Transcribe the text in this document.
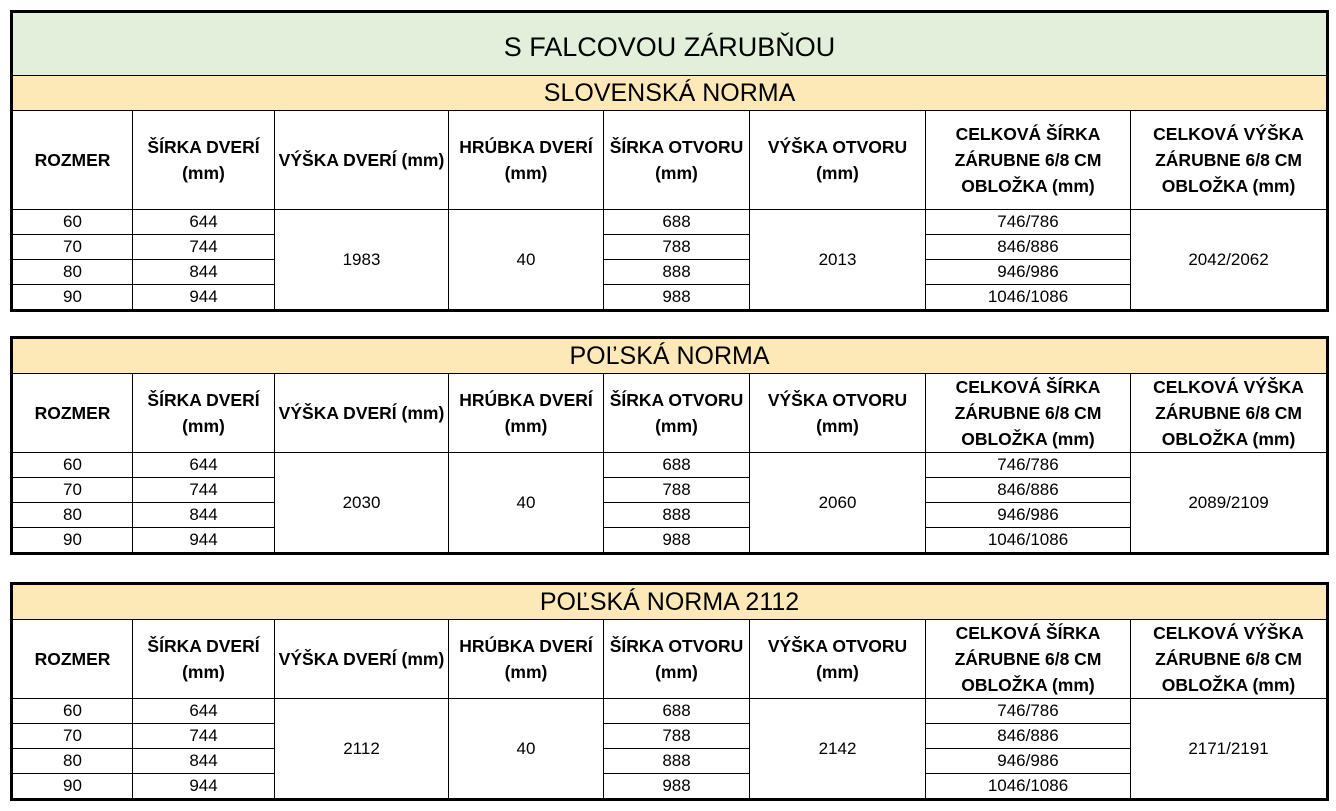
S FALCOVOU ZÁRUBŇOU							
SLOVENSKÁ NORMA							
ROZMER	ŠÍRKA DVERÍ (mm)	VÝŠKA DVERÍ (mm)	HRÚBKA DVERÍ (mm)	ŠÍRKA OTVORU (mm)	VÝŠKA OTVORU (mm)	CELKOVÁ ŠÍRKA ZÁRUBNE 6/8 CM OBLOŽKA (mm)	CELKOVÁ VÝŠKA ZÁRUBNE 6/8 CM OBLOŽKA (mm)
60	644	1983	40	688	2013	746/786	2042/2062
70	744			788		846/886	
80	844			888		946/986	
90	944			988		1046/1086	
POĽSKÁ NORMA							
ROZMER	ŠÍRKA DVERÍ (mm)	VÝŠKA DVERÍ (mm)	HRÚBKA DVERÍ (mm)	ŠÍRKA OTVORU (mm)	VÝŠKA OTVORU (mm)	CELKOVÁ ŠÍRKA ZÁRUBNE 6/8 CM OBLOŽKA (mm)	CELKOVÁ VÝŠKA ZÁRUBNE 6/8 CM OBLOŽKA (mm)
60	644	2030	40	688	2060	746/786	2089/2109
70	744			788		846/886	
80	844			888		946/986	
90	944			988		1046/1086	
POĽSKÁ NORMA 2112							
ROZMER	ŠÍRKA DVERÍ (mm)	VÝŠKA DVERÍ (mm)	HRÚBKA DVERÍ (mm)	ŠÍRKA OTVORU (mm)	VÝŠKA OTVORU (mm)	CELKOVÁ ŠÍRKA ZÁRUBNE 6/8 CM OBLOŽKA (mm)	CELKOVÁ VÝŠKA ZÁRUBNE 6/8 CM OBLOŽKA (mm)
60	644	2112	40	688	2142	746/786	2171/2191
70	744			788		846/886	
80	844			888		946/986	
90	944			988		1046/1086	
